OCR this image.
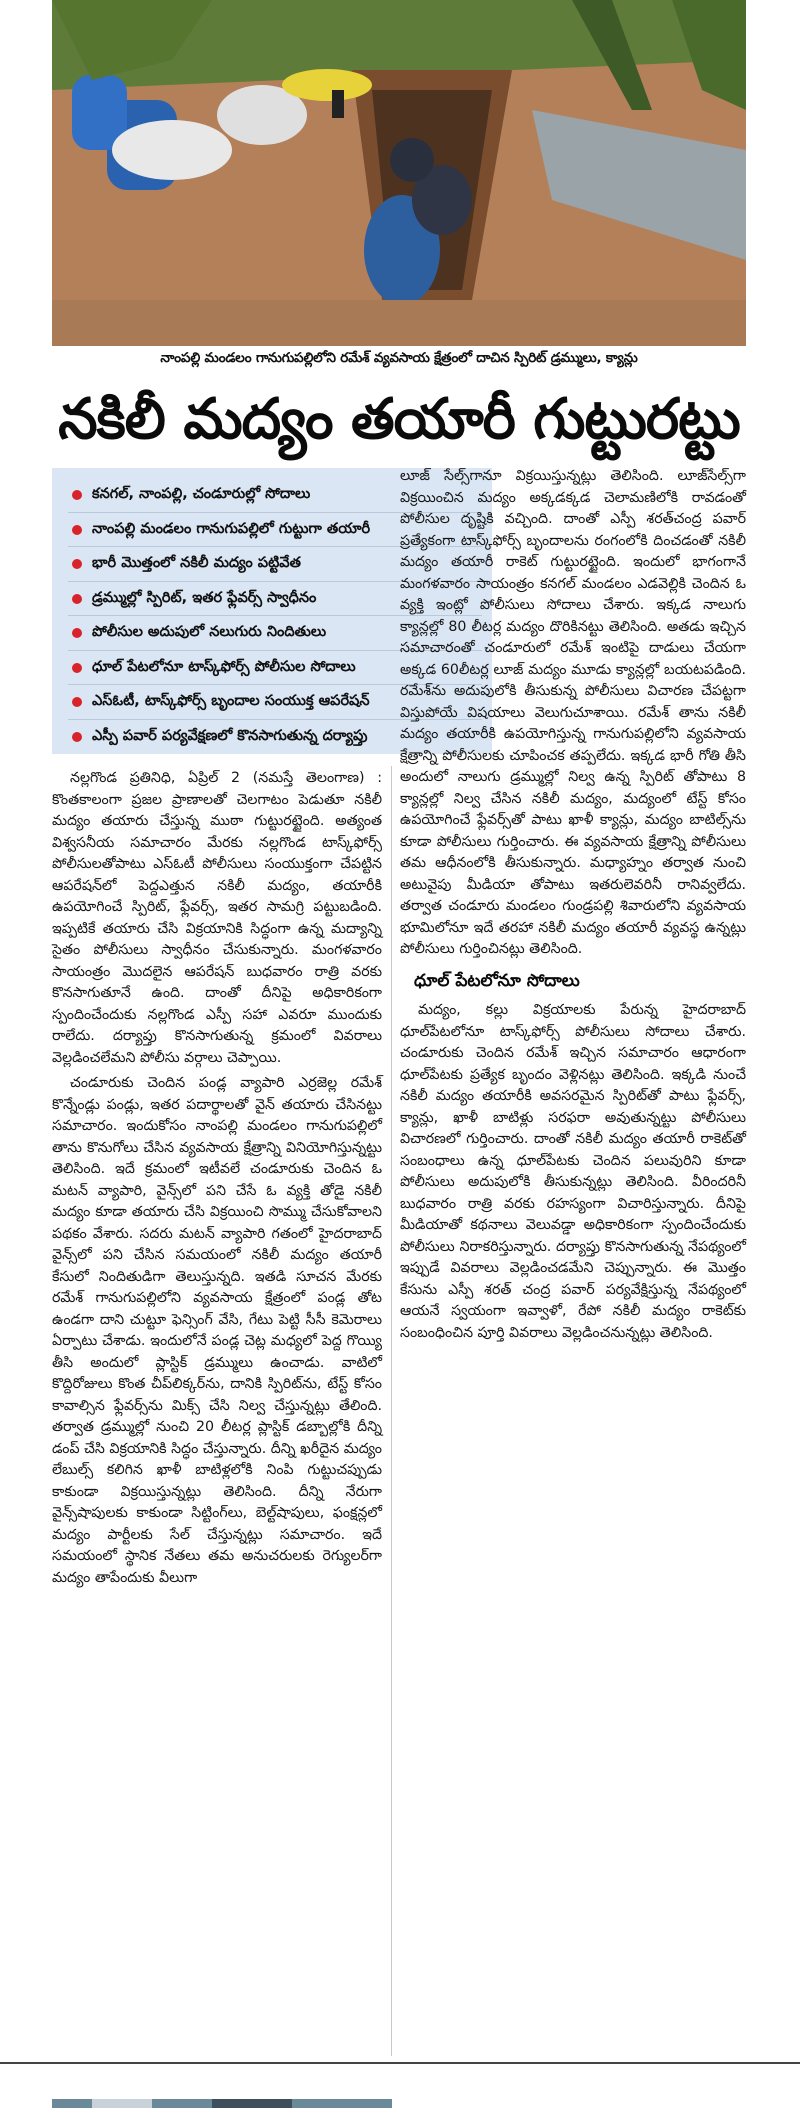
నాంపల్లి మండలం గానుగుపల్లిలోని రమేశ్ వ్యవసాయ క్షేత్రంలో దాచిన స్పిరిట్ డ్రమ్ములు, క్యాన్లు
నకిలీ మద్యం తయారీ గుట్టురట్టు
కనగల్, నాంపల్లి, చండూరుల్లో సోదాలు
నాంపల్లి మండలం గానుగుపల్లిలో గుట్టుగా తయారీ
భారీ మొత్తంలో నకిలీ మద్యం పట్టివేత
డ్రమ్ముల్లో స్పిరిట్, ఇతర ఫ్లేవర్స్ స్వాధీనం
పోలీసుల అదుపులో నలుగురు నిందితులు
ధూల్ పేటలోనూ టాస్క్‌ఫోర్స్ పోలీసుల సోదాలు
ఎస్ఓటీ, టాస్క్‌ఫోర్స్ బృందాల సంయుక్త ఆపరేషన్
ఎస్పీ పవార్ పర్యవేక్షణలో కొనసాగుతున్న దర్యాప్తు

నల్లగొండ ప్రతినిధి, ఏప్రిల్ 2 (నమస్తే తెలంగాణ) : కొంతకాలంగా ప్రజల ప్రాణాలతో చెలగాటం పెడుతూ నకిలీ మద్యం తయారు చేస్తున్న ముఠా గుట్టురట్టైంది. అత్యంత విశ్వసనీయ సమాచారం మేరకు నల్లగొండ టాస్క్‌ఫోర్స్ పోలీసులతోపాటు ఎస్ఓటీ పోలీసులు సంయుక్తంగా చేపట్టిన ఆపరేషన్‌లో పెద్దఎత్తున నకిలీ మద్యం, తయారీకి ఉపయోగించే స్పిరిట్, ఫ్లేవర్స్, ఇతర సామగ్రి పట్టుబడింది. ఇప్పటికే తయారు చేసి విక్రయానికి సిద్ధంగా ఉన్న మద్యాన్ని సైతం పోలీసులు స్వాధీనం చేసుకున్నారు. మంగళవారం సాయంత్రం మొదలైన ఆపరేషన్ బుధవారం రాత్రి వరకు కొనసాగుతూనే ఉంది. దాంతో దీనిపై అధికారికంగా స్పందించేందుకు నల్లగొండ ఎస్పీ సహా ఎవరూ ముందుకు రాలేదు. దర్యాప్తు కొనసాగుతున్న క్రమంలో వివరాలు వెల్లడించలేమని పోలీసు వర్గాలు చెప్పాయి.

చండూరుకు చెందిన పండ్ల వ్యాపారి ఎర్రజెల్ల రమేశ్ కొన్నేండ్లు పండ్లు, ఇతర పదార్థాలతో వైన్ తయారు చేసినట్టు సమాచారం. ఇందుకోసం నాంపల్లి మండలం గానుగుపల్లిలో తాను కొనుగోలు చేసిన వ్యవసాయ క్షేత్రాన్ని వినియోగిస్తున్నట్టు తెలిసింది. ఇదే క్రమంలో ఇటీవలే చండూరుకు చెందిన ఓ మటన్ వ్యాపారి, వైన్స్‌లో పని చేసే ఓ వ్యక్తి తోడై నకిలీ మద్యం కూడా తయారు చేసి విక్రయించి సొమ్ము చేసుకోవాలని పథకం వేశారు. సదరు మటన్ వ్యాపారి గతంలో హైదరాబాద్ వైన్స్‌లో పని చేసిన సమయంలో నకిలీ మద్యం తయారీ కేసులో నిందితుడిగా తెలుస్తున్నది. ఇతడి సూచన మేరకు రమేశ్ గానుగుపల్లిలోని వ్యవసాయ క్షేత్రంలో పండ్ల తోట ఉండగా దాని చుట్టూ ఫెన్సింగ్ వేసి, గేటు పెట్టి సీసీ కెమెరాలు ఏర్పాటు చేశాడు. ఇందులోనే పండ్ల చెట్ల మధ్యలో పెద్ద గొయ్యి తీసి అందులో ప్లాస్టిక్ డ్రమ్ములు ఉంచాడు. వాటిలో కొద్దిరోజులు కొంత చీప్‌లిక్కర్‌ను, దానికి స్పిరిట్‌ను, టేస్ట్ కోసం కావాల్సిన ఫ్లేవర్స్‌ను మిక్స్ చేసి నిల్వ చేస్తున్నట్లు తేలింది. తర్వాత డ్రమ్ముల్లో నుంచి 20 లీటర్ల ప్లాస్టిక్ డబ్బాల్లోకి దీన్ని డంప్ చేసి విక్రయానికి సిద్ధం చేస్తున్నారు. దీన్ని ఖరీదైన మద్యం లేబుల్స్ కలిగిన ఖాళీ బాటిళ్లలోకి నింపి గుట్టుచప్పుడు కాకుండా విక్రయిస్తున్నట్లు తెలిసింది. దీన్ని నేరుగా వైన్స్‌షాపులకు కాకుండా సిట్టింగ్‌లు, బెల్ట్‌షాపులు, ఫంక్షన్లలో మద్యం పార్టీలకు సేల్ చేస్తున్నట్లు సమాచారం. ఇదే సమయంలో స్థానిక నేతలు తమ అనుచరులకు రెగ్యులర్‌గా మద్యం తాపేందుకు వీలుగా

లూజ్ సేల్స్‌గానూ విక్రయిస్తున్నట్లు తెలిసింది. లూజ్‌సేల్స్‌గా విక్రయించిన మద్యం అక్కడక్కడ చెలామణిలోకి రావడంతో పోలీసుల దృష్టికి వచ్చింది. దాంతో ఎస్పీ శరత్‌చంద్ర పవార్ ప్రత్యేకంగా టాస్క్‌ఫోర్స్ బృందాలను రంగంలోకి దించడంతో నకిలీ మద్యం తయారీ రాకెట్ గుట్టురట్టైంది. ఇందులో భాగంగానే మంగళవారం సాయంత్రం కనగల్ మండలం ఎడవెల్లికి చెందిన ఓ వ్యక్తి ఇంట్లో పోలీసులు సోదాలు చేశారు. ఇక్కడ నాలుగు క్యాన్లల్లో 80 లీటర్ల మద్యం దొరికినట్టు తెలిసింది. అతడు ఇచ్చిన సమాచారంతో చండూరులో రమేశ్ ఇంటిపై దాడులు చేయగా అక్కడ 60లీటర్ల లూజ్ మద్యం మూడు క్యాన్లల్లో బయటపడింది. రమేశ్‌ను అదుపులోకి తీసుకున్న పోలీసులు విచారణ చేపట్టగా విస్తుపోయే విషయాలు వెలుగుచూశాయి. రమేశ్ తాను నకిలీ మద్యం తయారీకి ఉపయోగిస్తున్న గానుగుపల్లిలోని వ్యవసాయ క్షేత్రాన్ని పోలీసులకు చూపించక తప్పలేదు. ఇక్కడ భారీ గోతి తీసి అందులో నాలుగు డ్రమ్ముల్లో నిల్వ ఉన్న స్పిరిట్ తోపాటు 8 క్యాన్లల్లో నిల్వ చేసిన నకిలీ మద్యం, మద్యంలో టేస్ట్ కోసం ఉపయోగించే ఫ్లేవర్స్‌తో పాటు ఖాళీ క్యాన్లు, మద్యం బాటిల్స్‌ను కూడా పోలీసులు గుర్తించారు. ఈ వ్యవసాయ క్షేత్రాన్ని పోలీసులు తమ ఆధీనంలోకి తీసుకున్నారు. మధ్యాహ్నం తర్వాత నుంచి అటువైపు మీడియా తోపాటు ఇతరులెవరినీ రానివ్వలేదు. తర్వాత చండూరు మండలం గుండ్రపల్లి శివారులోని వ్యవసాయ భూమిలోనూ ఇదే తరహా నకిలీ మద్యం తయారీ వ్యవస్థ ఉన్నట్లు పోలీసులు గుర్తించినట్లు తెలిసింది.

ధూల్ పేటలోనూ సోదాలు

మద్యం, కల్లు విక్రయాలకు పేరున్న హైదరాబాద్ ధూల్‌పేటలోనూ టాస్క్‌ఫోర్స్ పోలీసులు సోదాలు చేశారు. చండూరుకు చెందిన రమేశ్ ఇచ్చిన సమాచారం ఆధారంగా ధూల్‌పేటకు ప్రత్యేక బృందం వెళ్లినట్లు తెలిసింది. ఇక్కడి నుంచే నకిలీ మద్యం తయారీకి అవసరమైన స్పిరిట్‌తో పాటు ఫ్లేవర్స్, క్యాన్లు, ఖాళీ బాటిళ్లు సరఫరా అవుతున్నట్టు పోలీసులు విచారణలో గుర్తించారు. దాంతో నకిలీ మద్యం తయారీ రాకెట్‌తో సంబంధాలు ఉన్న ధూల్‌పేటకు చెందిన పలువురిని కూడా పోలీసులు అదుపులోకి తీసుకున్నట్లు తెలిసింది. వీరిందరినీ బుధవారం రాత్రి వరకు రహస్యంగా విచారిస్తున్నారు. దీనిపై మీడియాతో కథనాలు వెలువడ్డా అధికారికంగా స్పందించేందుకు పోలీసులు నిరాకరిస్తున్నారు. దర్యాప్తు కొనసాగుతున్న నేపథ్యంలో ఇప్పుడే వివరాలు వెల్లడించడమేని చెప్పున్నారు. ఈ మొత్తం కేసును ఎస్పీ శరత్ చంద్ర పవార్ పర్యవేక్షిస్తున్న నేపథ్యంలో ఆయనే స్వయంగా ఇవ్వాళో, రేపో నకిలీ మద్యం రాకెట్‌కు సంబంధించిన పూర్తి వివరాలు వెల్లడించనున్నట్లు తెలిసింది.
